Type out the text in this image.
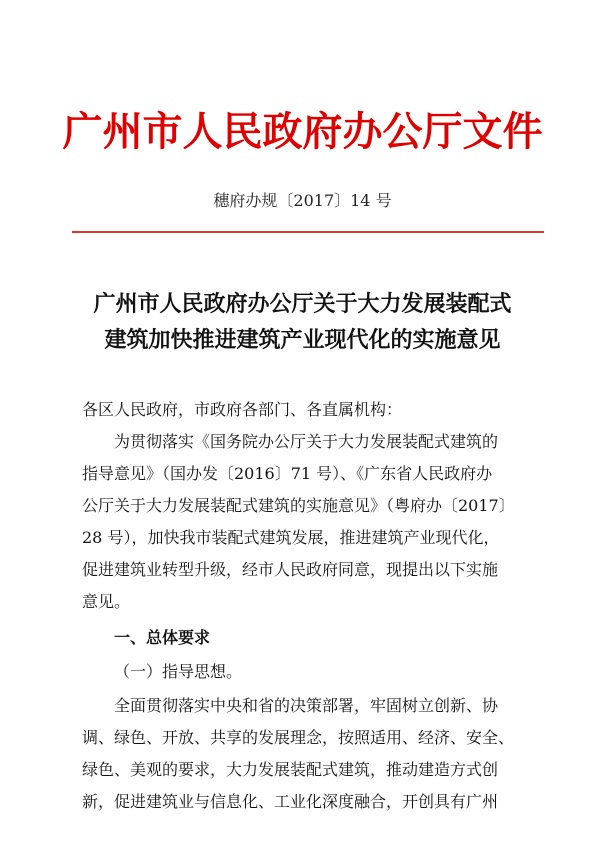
广州市人民政府办公厅文件
穗府办规〔2017〕14 号
广州市人民政府办公厅关于大力发展装配式
建筑加快推进建筑产业现代化的实施意见
各区人民政府，市政府各部门、各直属机构：
为贯彻落实《国务院办公厅关于大力发展装配式建筑的
指导意见》（国办发〔2016〕71 号）、《广东省人民政府办
公厅关于大力发展装配式建筑的实施意见》（粤府办〔2017〕
28 号），加快我市装配式建筑发展，推进建筑产业现代化，
促进建筑业转型升级，经市人民政府同意，现提出以下实施
意见。
一、总体要求
（一）指导思想。
全面贯彻落实中央和省的决策部署，牢固树立创新、协
调、绿色、开放、共享的发展理念，按照适用、经济、安全、
绿色、美观的要求，大力发展装配式建筑，推动建造方式创
新，促进建筑业与信息化、工业化深度融合，开创具有广州
